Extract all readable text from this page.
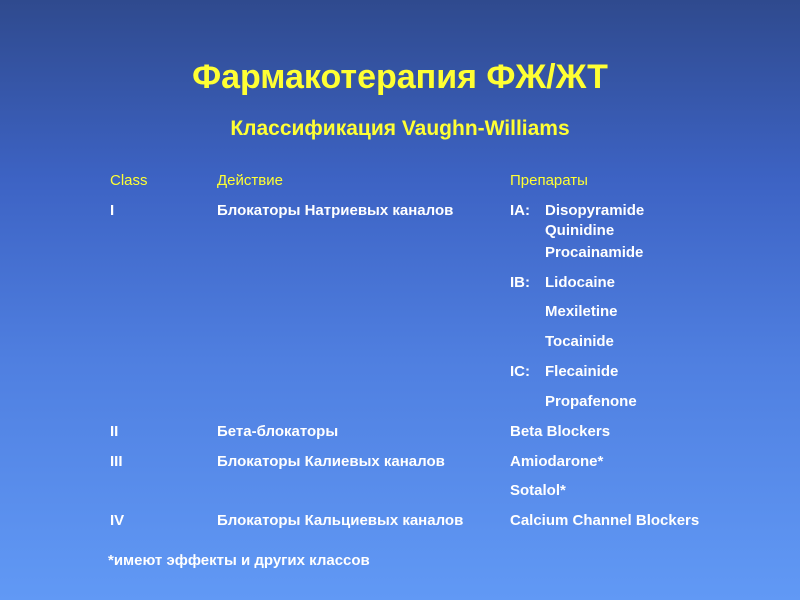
Фармакотерапия ФЖ/ЖТ
Классификация Vaughn-Williams
Class	Действие	Препараты
I	Блокаторы Натриевых каналов	IA: Disopyramide
Quinidine
Procainamide
IB: Lidocaine
Mexiletine
Tocainide
IC: Flecainide
Propafenone
II	Бета-блокаторы	Beta Blockers
III	Блокаторы Калиевых каналов	Amiodarone*
Sotalol*
IV	Блокаторы Кальциевых каналов	Calcium Channel Blockers
*имеют эффекты и других классов
